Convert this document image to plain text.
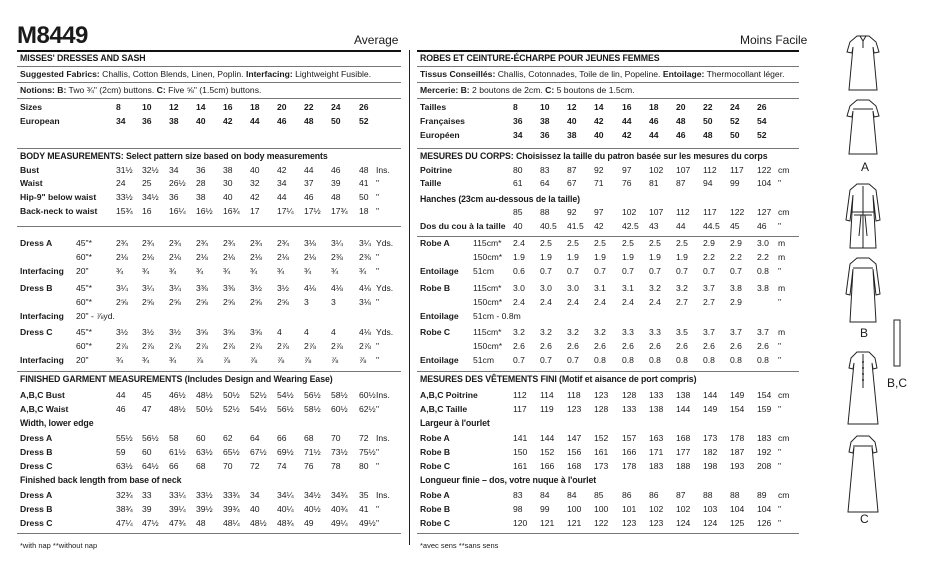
M8449	Average	Moins Facile
MISSES' DRESSES AND SASH
Suggested Fabrics: Challis, Cotton Blends, Linen, Poplin. Interfacing: Lightweight Fusible.
Notions: B: Two ¾" (2cm) buttons. C: Five ⅝" (1.5cm) buttons.
Sizes	8 10 12 14 16 18 20 22 24 26
European	34 36 38 40 42 44 46 48 50 52
Bust	31½ 32½ 34 36 38 40 42 44 46 48 Ins.
Waist	24 25 26½ 28 30 32 34 37 39 41 "
Hip-9" below waist 33½ 34½ 36 38 40 42 44 46 48 50 "
Back-neck to waist 15¾ 16 16¼ 16½ 16¾ 17 17¼ 17½ 17¾ 18 "
Dress A	45"*	2¾ 2¾ 2¾ 2¾ 2¾ 2¾ 2¾ 3⅛ 3¼ 3¼ Yds.
60"*	2⅛ 2⅛ 2⅛ 2⅛ 2⅛ 2⅛ 2⅛ 2⅛ 2⅜ 2⅜ "
Interfacing 20"	¾ ¾ ¾ ¾ ¾ ¾ ¾ ¾ ¾ ¾ "
Dress B	45"*	3¼ 3¼ 3¼ 3⅜ 3⅜ 3½ 3½ 4⅛ 4⅛ 4⅛ Yds.
60"*	2⅝ 2⅝ 2⅝ 2⅝ 2⅝ 2⅝ 2⅝ 3	3	3⅛ "
Interfacing 20" - ⅞yd.
Dress C	45"*	3½ 3½ 3½ 3⅝ 3⅝ 3⅝ 4	4	4	4⅛ Yds.
60"*	2⅞ 2⅞ 2⅞ 2⅞ 2⅞ 2⅞ 2⅞ 2⅞ 2⅞ 2⅞ "
Interfacing 20"	¾ ¾ ¾ ⅞ ⅞ ⅞ ⅞ ⅞ ⅞ ⅞ "
A,B,C Bust	44 45 46½ 48½ 50½ 52½ 54½ 56½ 58½ 60½ Ins.
A,B,C Waist	46 47 48½ 50½ 52½ 54½ 56½ 58½ 60½ 62½ "
Dress A	55½ 56½ 58 60 62 64 66 68 70 72 Ins.
Dress B	59 60 61½ 63½ 65½ 67½ 69½ 71½ 73½ 75½ "
Dress C	63½ 64½ 66 68 70 72 74 76 78 80 "
Dress A	32¾ 33 33¼ 33½ 33¾ 34 34¼ 34½ 34¾ 35 Ins.
Dress B	38¾ 39 39¼ 39½ 39¾ 40 40¼ 40½ 40¾ 41 "
Dress C	47¼ 47½ 47¾ 48 48¼ 48½ 48¾ 49 49¼ 49½ "
*with nap **without nap
ROBES ET CEINTURE-ÉCHARPE POUR JEUNES FEMMES
Tissus Conseillés: Challis, Cotonnades, Toile de lin, Popeline. Entoilage: Thermocollant léger.
Mercerie: B: 2 boutons de 2cm. C: 5 boutons de 1.5cm.
Tailles	8	10 12 14 16 18 20 22 24 26
Françaises	36 38 40 42 44 46 48 50 52 54
Européen	34 36 38 40 42 44 46 48 50 52
Poitrine	80 83 87 92 97 102 107 112 117 122 cm
Taille	61 64 67 71 76 81 87 94 99 104 "
85 88 92 97 102 107 112 117 122 127 cm
Dos du cou à la taille 40 40.5 41.5 42 42.5 43 44 44.5 45 46 "
Robe A	115cm* 2.4 2.5 2.5 2.5 2.5 2.5 2.5 2.9 2.9 3.0 m
150cm* 1.9 1.9 1.9 1.9 1.9 1.9 1.9 2.2 2.2 2.2 m
Entoilage 51cm 0.6 0.7 0.7 0.7 0.7 0.7 0.7 0.7 0.7 0.8 "
Robe B	115cm* 3.0 3.0 3.0 3.1 3.1 3.2 3.2 3.7 3.8 3.8 m
150cm* 2.4 2.4 2.4 2.4 2.4 2.4 2.7 2.7 2.9	"
Entoilage 51cm - 0.8m
Robe C	115cm* 3.2 3.2 3.2 3.2 3.3 3.3 3.5 3.7 3.7 3.7 m
150cm* 2.6 2.6 2.6 2.6 2.6 2.6 2.6 2.6 2.6 2.6 "
Entoilage 51cm 0.7 0.7 0.7 0.8 0.8 0.8 0.8 0.8 0.8 0.8 "
A,B,C Poitrine	112 114 118 123 128 133 138 144 149 154 cm
A,B,C Taille	117 119 123 128 133 138 144 149 154 159 "
Robe A	141 144 147 152 157 163 168 173 178 183 cm
Robe B	150 152 156 161 166 171 177 182 187 192 "
Robe C	161 166 168 173 178 183 188 198 193 208 "
Robe A	83 84 84 85 86 86 87 88 88 89 cm
Robe B	98 99 100 100 101 102 102 103 104 104 "
Robe C	120 121 121 122 123 123 124 124 125 126 "
*avec sens **sans sens
BODY MEASUREMENTS: Select pattern size based on body measurements
FINISHED GARMENT MEASUREMENTS (Includes Design and Wearing Ease)
Width, lower edge
Finished back length from base of neck
MESURES DU CORPS: Choisissez la taille du patron basée sur les mesures du corps
Hanches (23cm au-dessous de la taille)
MESURES DES VÊTEMENTS FINI (Motif et aisance de port compris)
Largeur à l'ourlet
Longueur finie – dos, votre nuque à l'ourlet
A
B
B,C
C
